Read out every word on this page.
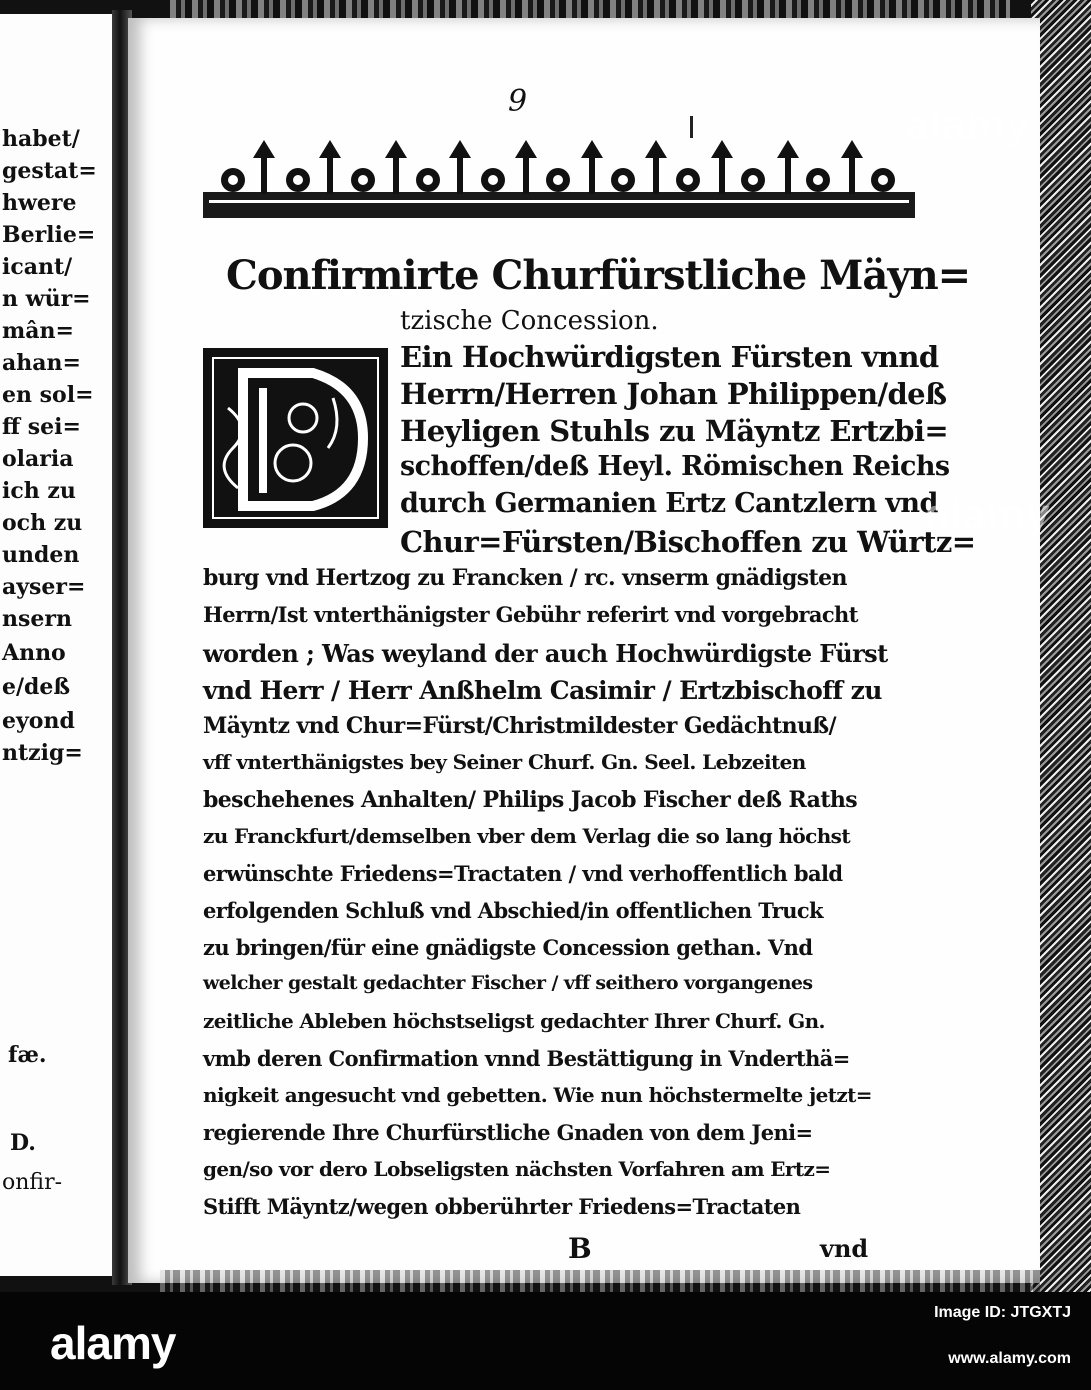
habet/
gestat=
hwere
Berlie=
icant/
n wür=
mân=
ahan=
en sol=
ff sei=
olaria
ich zu
och zu
unden
ayser=
nsern
Anno
e/deß
eyond
ntzig=
fæ.
D.
onfir-
9
Confirmirte Churfürstliche Mäyn=
tzische Concession.
Ein Hochwürdigsten Fürsten vnnd
Herrn/Herren Johan Philippen/deß
Heyligen Stuhls zu Mäyntz Ertzbi=
schoffen/deß Heyl. Römischen Reichs
durch Germanien Ertz Cantzlern vnd
Chur=Fürsten/Bischoffen zu Würtz=
burg vnd Hertzog zu Francken / rc. vnserm gnädigsten
Herrn/Ist vnterthänigster Gebühr referirt vnd vorgebracht
worden ; Was weyland der auch Hochwürdigste Fürst
vnd Herr / Herr Anßhelm Casimir / Ertzbischoff zu
Mäyntz vnd Chur=Fürst/Christmildester Gedächtnuß/
vff vnterthänigstes bey Seiner Churf. Gn. Seel. Lebzeiten
beschehenes Anhalten/ Philips Jacob Fischer deß Raths
zu Franckfurt/demselben vber dem Verlag die so lang höchst
erwünschte Friedens=Tractaten / vnd verhoffentlich bald
erfolgenden Schluß vnd Abschied/in offentlichen Truck
zu bringen/für eine gnädigste Concession gethan. Vnd
welcher gestalt gedachter Fischer / vff seithero vorgangenes
zeitliche Ableben höchstseligst gedachter Ihrer Churf. Gn.
vmb deren Confirmation vnnd Bestättigung in Vnderthä=
nigkeit angesucht vnd gebetten. Wie nun höchstermelte jetzt=
regierende Ihre Churfürstliche Gnaden von dem Jeni=
gen/so vor dero Lobseligsten nächsten Vorfahren am Ertz=
Stifft Mäyntz/wegen obberührter Friedens=Tractaten
B	vnd
alamy
alamy
alamy
Image ID: JTGXTJ
www.alamy.com
